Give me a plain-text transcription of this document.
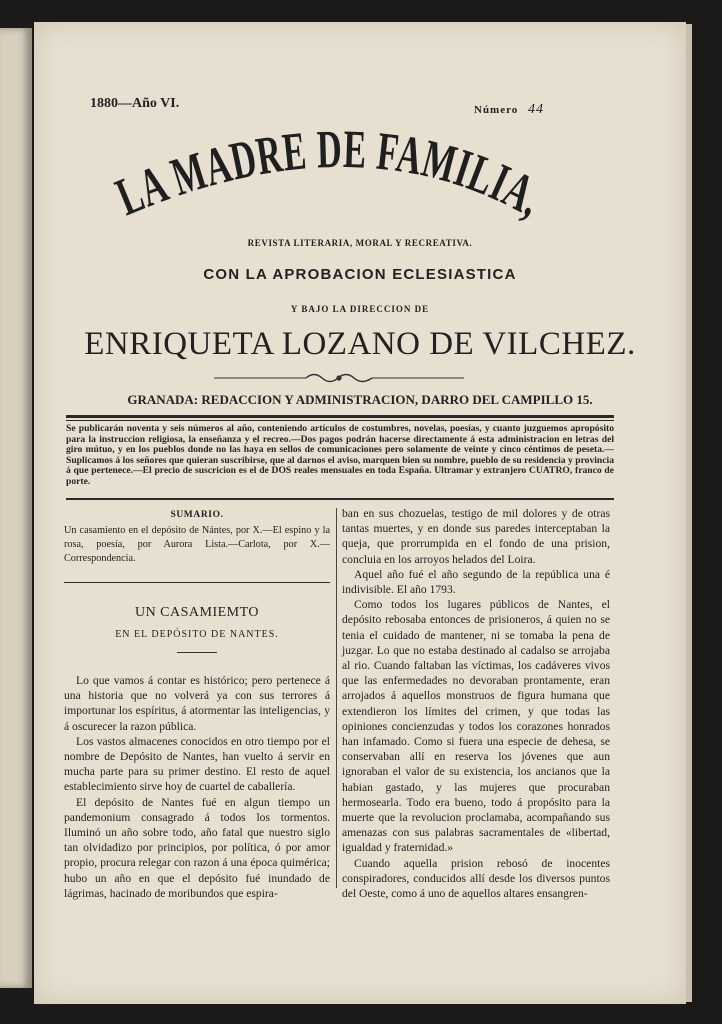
1880—Año VI.	Número 44
LA MADRE DE FAMILIA,
REVISTA LITERARIA, MORAL Y RECREATIVA.
CON LA APROBACION ECLESIASTICA
Y BAJO LA DIRECCION DE
ENRIQUETA LOZANO DE VILCHEZ.
GRANADA: REDACCION Y ADMINISTRACION, DARRO DEL CAMPILLO 15.
Se publicarán noventa y seis números al año, conteniendo artículos de costumbres, novelas, poesías, y cuanto juzguemos apropósito para la instruccion religiosa, la enseñanza y el recreo.—Dos pagos podrán hacerse directamente á esta administracion en letras del giro mútuo, y en los pueblos donde no las haya en sellos de comunicaciones pero solamente de veinte y cinco céntimos de peseta.—Suplicamos á los señores que quieran suscribirse, que al darnos el aviso, marquen bien su nombre, pueblo de su residencia y provincia á que pertenece.—El precio de suscricion es el de DOS reales mensuales en toda España. Ultramar y extranjero CUATRO, franco de porte.
SUMARIO.
Un casamiento en el depósito de Nántes, por X.—El espino y la rosa, poesía, por Aurora Lista.—Carlota, por X.—Correspondencia.
UN CASAMIEMTO
EN EL DEPÓSITO DE NANTES.

Lo que vamos á contar es histórico; pero pertenece á una historia que no volverá ya con sus terrores á importunar los espíritus, á atormentar las inteligencias, y á oscurecer la razon pública.

Los vastos almacenes conocidos en otro tiempo por el nombre de Depósito de Nantes, han vuelto á servir en mucha parte para su primer destino. El resto de aquel establecimiento sirve hoy de cuartel de caballería.

El depósito de Nantes fué en algun tiempo un pandemonium consagrado á todos los tormentos. Iluminó un año sobre todo, año fatal que nuestro siglo tan olvidadizo por principios, por política, ó por amor propio, procura relegar con razon á una época quimérica; hubo un año en que el depósito fué inundado de lágrimas, hacinado de moribundos que espira-

ban en sus chozuelas, testigo de mil dolores y de otras tantas muertes, y en donde sus paredes interceptaban la queja, que prorrumpida en el fondo de una prision, concluia en los arroyos helados del Loira.

Aquel año fué el año segundo de la república una é indivisible. El año 1793.

Como todos los lugares públicos de Nantes, el depósito rebosaba entonces de prisioneros, á quien no se tenia el cuidado de mantener, ni se tomaba la pena de juzgar. Lo que no estaba destinado al cadalso se arrojaba al rio. Cuando faltaban las víctimas, los cadáveres vivos que las enfermedades no devoraban prontamente, eran arrojados á aquellos monstruos de figura humana que extendieron los límites del crimen, y que todas las opiniones concienzudas y todos los corazones honrados han infamado. Como si fuera una especie de dehesa, se conservaban allí en reserva los jóvenes que aun ignoraban el valor de su existencia, los ancianos que la habian gastado, y las mujeres que procuraban hermosearla. Todo era bueno, todo á propósito para la muerte que la revolucion proclamaba, acompañando sus amenazas con sus palabras sacramentales de «libertad, igualdad y fraternidad.»

Cuando aquella prision rebosó de inocentes conspiradores, conducidos allí desde los diversos puntos del Oeste, como á uno de aquellos altares ensangren-
